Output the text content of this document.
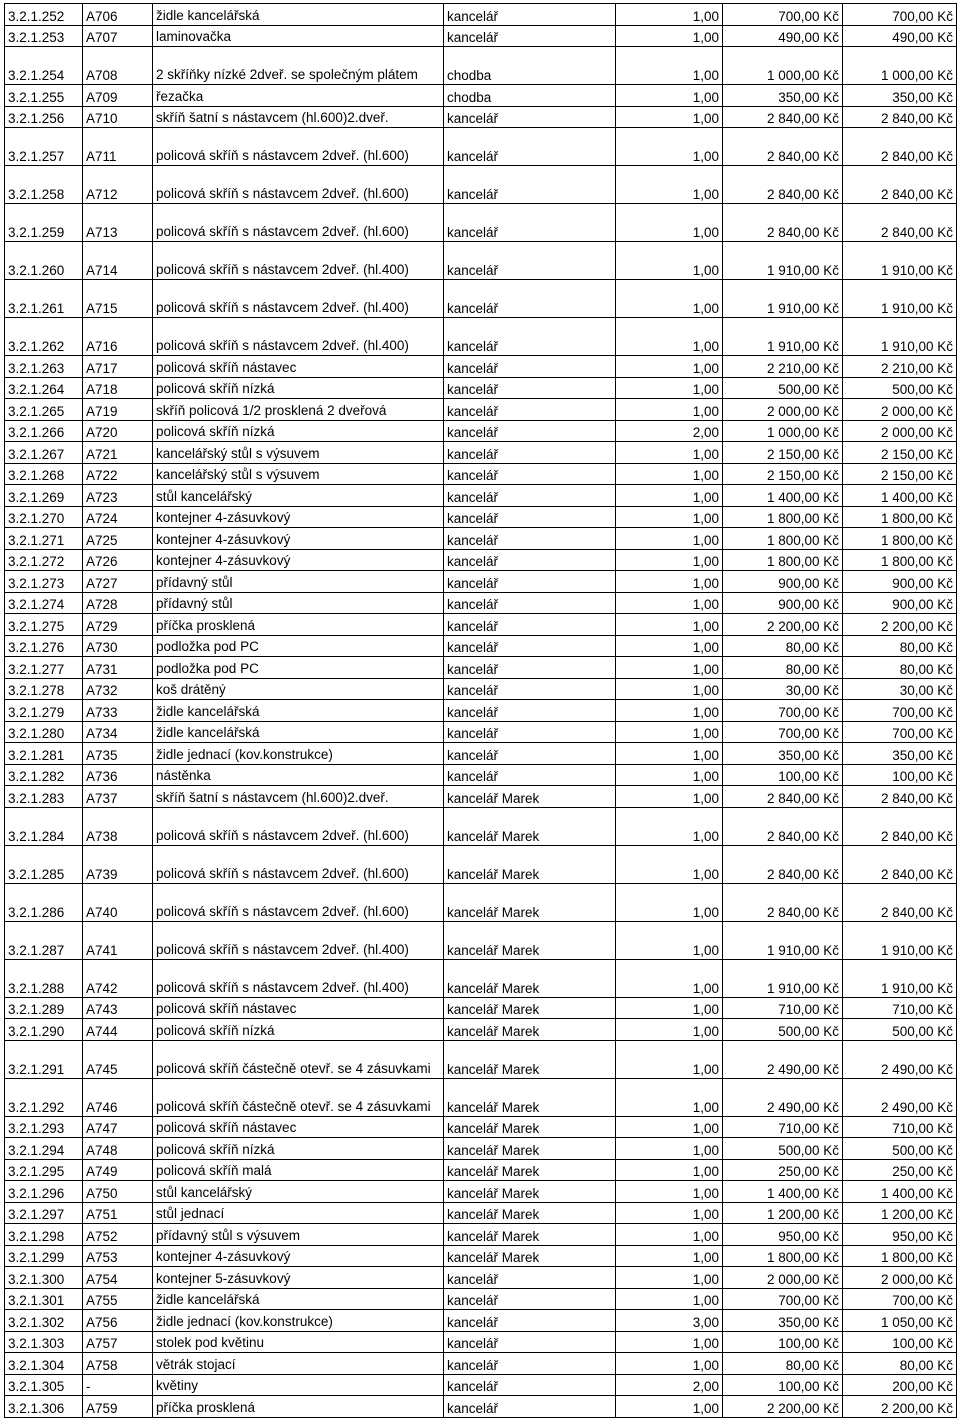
3.2.1.252	A706	židle kancelářská	kancelář	1,00	700,00 Kč	700,00 Kč
3.2.1.253	A707	laminovačka	kancelář	1,00	490,00 Kč	490,00 Kč
3.2.1.254	A708	2 skříňky nízké 2dveř. se společným plátem	chodba	1,00	1 000,00 Kč	1 000,00 Kč
3.2.1.255	A709	řezačka	chodba	1,00	350,00 Kč	350,00 Kč
3.2.1.256	A710	skříň šatní s nástavcem (hl.600)2.dveř.	kancelář	1,00	2 840,00 Kč	2 840,00 Kč
3.2.1.257	A711	policová skříň s nástavcem 2dveř. (hl.600)	kancelář	1,00	2 840,00 Kč	2 840,00 Kč
3.2.1.258	A712	policová skříň s nástavcem 2dveř. (hl.600)	kancelář	1,00	2 840,00 Kč	2 840,00 Kč
3.2.1.259	A713	policová skříň s nástavcem 2dveř. (hl.600)	kancelář	1,00	2 840,00 Kč	2 840,00 Kč
3.2.1.260	A714	policová skříň s nástavcem 2dveř. (hl.400)	kancelář	1,00	1 910,00 Kč	1 910,00 Kč
3.2.1.261	A715	policová skříň s nástavcem 2dveř. (hl.400)	kancelář	1,00	1 910,00 Kč	1 910,00 Kč
3.2.1.262	A716	policová skříň s nástavcem 2dveř. (hl.400)	kancelář	1,00	1 910,00 Kč	1 910,00 Kč
3.2.1.263	A717	policová skříň nástavec	kancelář	1,00	2 210,00 Kč	2 210,00 Kč
3.2.1.264	A718	policová skříň nízká	kancelář	1,00	500,00 Kč	500,00 Kč
3.2.1.265	A719	skříň policová 1/2 prosklená 2 dveřová	kancelář	1,00	2 000,00 Kč	2 000,00 Kč
3.2.1.266	A720	policová skříň nízká	kancelář	2,00	1 000,00 Kč	2 000,00 Kč
3.2.1.267	A721	kancelářský stůl s výsuvem	kancelář	1,00	2 150,00 Kč	2 150,00 Kč
3.2.1.268	A722	kancelářský stůl s výsuvem	kancelář	1,00	2 150,00 Kč	2 150,00 Kč
3.2.1.269	A723	stůl kancelářský	kancelář	1,00	1 400,00 Kč	1 400,00 Kč
3.2.1.270	A724	kontejner 4-zásuvkový	kancelář	1,00	1 800,00 Kč	1 800,00 Kč
3.2.1.271	A725	kontejner 4-zásuvkový	kancelář	1,00	1 800,00 Kč	1 800,00 Kč
3.2.1.272	A726	kontejner 4-zásuvkový	kancelář	1,00	1 800,00 Kč	1 800,00 Kč
3.2.1.273	A727	přídavný stůl	kancelář	1,00	900,00 Kč	900,00 Kč
3.2.1.274	A728	přídavný stůl	kancelář	1,00	900,00 Kč	900,00 Kč
3.2.1.275	A729	příčka prosklená	kancelář	1,00	2 200,00 Kč	2 200,00 Kč
3.2.1.276	A730	podložka pod PC	kancelář	1,00	80,00 Kč	80,00 Kč
3.2.1.277	A731	podložka pod PC	kancelář	1,00	80,00 Kč	80,00 Kč
3.2.1.278	A732	koš drátěný	kancelář	1,00	30,00 Kč	30,00 Kč
3.2.1.279	A733	židle kancelářská	kancelář	1,00	700,00 Kč	700,00 Kč
3.2.1.280	A734	židle kancelářská	kancelář	1,00	700,00 Kč	700,00 Kč
3.2.1.281	A735	židle jednací (kov.konstrukce)	kancelář	1,00	350,00 Kč	350,00 Kč
3.2.1.282	A736	nástěnka	kancelář	1,00	100,00 Kč	100,00 Kč
3.2.1.283	A737	skříň šatní s nástavcem (hl.600)2.dveř.	kancelář Marek	1,00	2 840,00 Kč	2 840,00 Kč
3.2.1.284	A738	policová skříň s nástavcem 2dveř. (hl.600)	kancelář Marek	1,00	2 840,00 Kč	2 840,00 Kč
3.2.1.285	A739	policová skříň s nástavcem 2dveř. (hl.600)	kancelář Marek	1,00	2 840,00 Kč	2 840,00 Kč
3.2.1.286	A740	policová skříň s nástavcem 2dveř. (hl.600)	kancelář Marek	1,00	2 840,00 Kč	2 840,00 Kč
3.2.1.287	A741	policová skříň s nástavcem 2dveř. (hl.400)	kancelář Marek	1,00	1 910,00 Kč	1 910,00 Kč
3.2.1.288	A742	policová skříň s nástavcem 2dveř. (hl.400)	kancelář Marek	1,00	1 910,00 Kč	1 910,00 Kč
3.2.1.289	A743	policová skříň nástavec	kancelář Marek	1,00	710,00 Kč	710,00 Kč
3.2.1.290	A744	policová skříň nízká	kancelář Marek	1,00	500,00 Kč	500,00 Kč
3.2.1.291	A745	policová skříň částečně otevř. se 4 zásuvkami	kancelář Marek	1,00	2 490,00 Kč	2 490,00 Kč
3.2.1.292	A746	policová skříň částečně otevř. se 4 zásuvkami	kancelář Marek	1,00	2 490,00 Kč	2 490,00 Kč
3.2.1.293	A747	policová skříň nástavec	kancelář Marek	1,00	710,00 Kč	710,00 Kč
3.2.1.294	A748	policová skříň nízká	kancelář Marek	1,00	500,00 Kč	500,00 Kč
3.2.1.295	A749	policová skříň malá	kancelář Marek	1,00	250,00 Kč	250,00 Kč
3.2.1.296	A750	stůl kancelářský	kancelář Marek	1,00	1 400,00 Kč	1 400,00 Kč
3.2.1.297	A751	stůl jednací	kancelář Marek	1,00	1 200,00 Kč	1 200,00 Kč
3.2.1.298	A752	přídavný stůl s výsuvem	kancelář Marek	1,00	950,00 Kč	950,00 Kč
3.2.1.299	A753	kontejner 4-zásuvkový	kancelář Marek	1,00	1 800,00 Kč	1 800,00 Kč
3.2.1.300	A754	kontejner 5-zásuvkový	kancelář	1,00	2 000,00 Kč	2 000,00 Kč
3.2.1.301	A755	židle kancelářská	kancelář	1,00	700,00 Kč	700,00 Kč
3.2.1.302	A756	židle jednací (kov.konstrukce)	kancelář	3,00	350,00 Kč	1 050,00 Kč
3.2.1.303	A757	stolek pod květinu	kancelář	1,00	100,00 Kč	100,00 Kč
3.2.1.304	A758	větrák stojací	kancelář	1,00	80,00 Kč	80,00 Kč
3.2.1.305	-	květiny	kancelář	2,00	100,00 Kč	200,00 Kč
3.2.1.306	A759	příčka prosklená	kancelář	1,00	2 200,00 Kč	2 200,00 Kč
